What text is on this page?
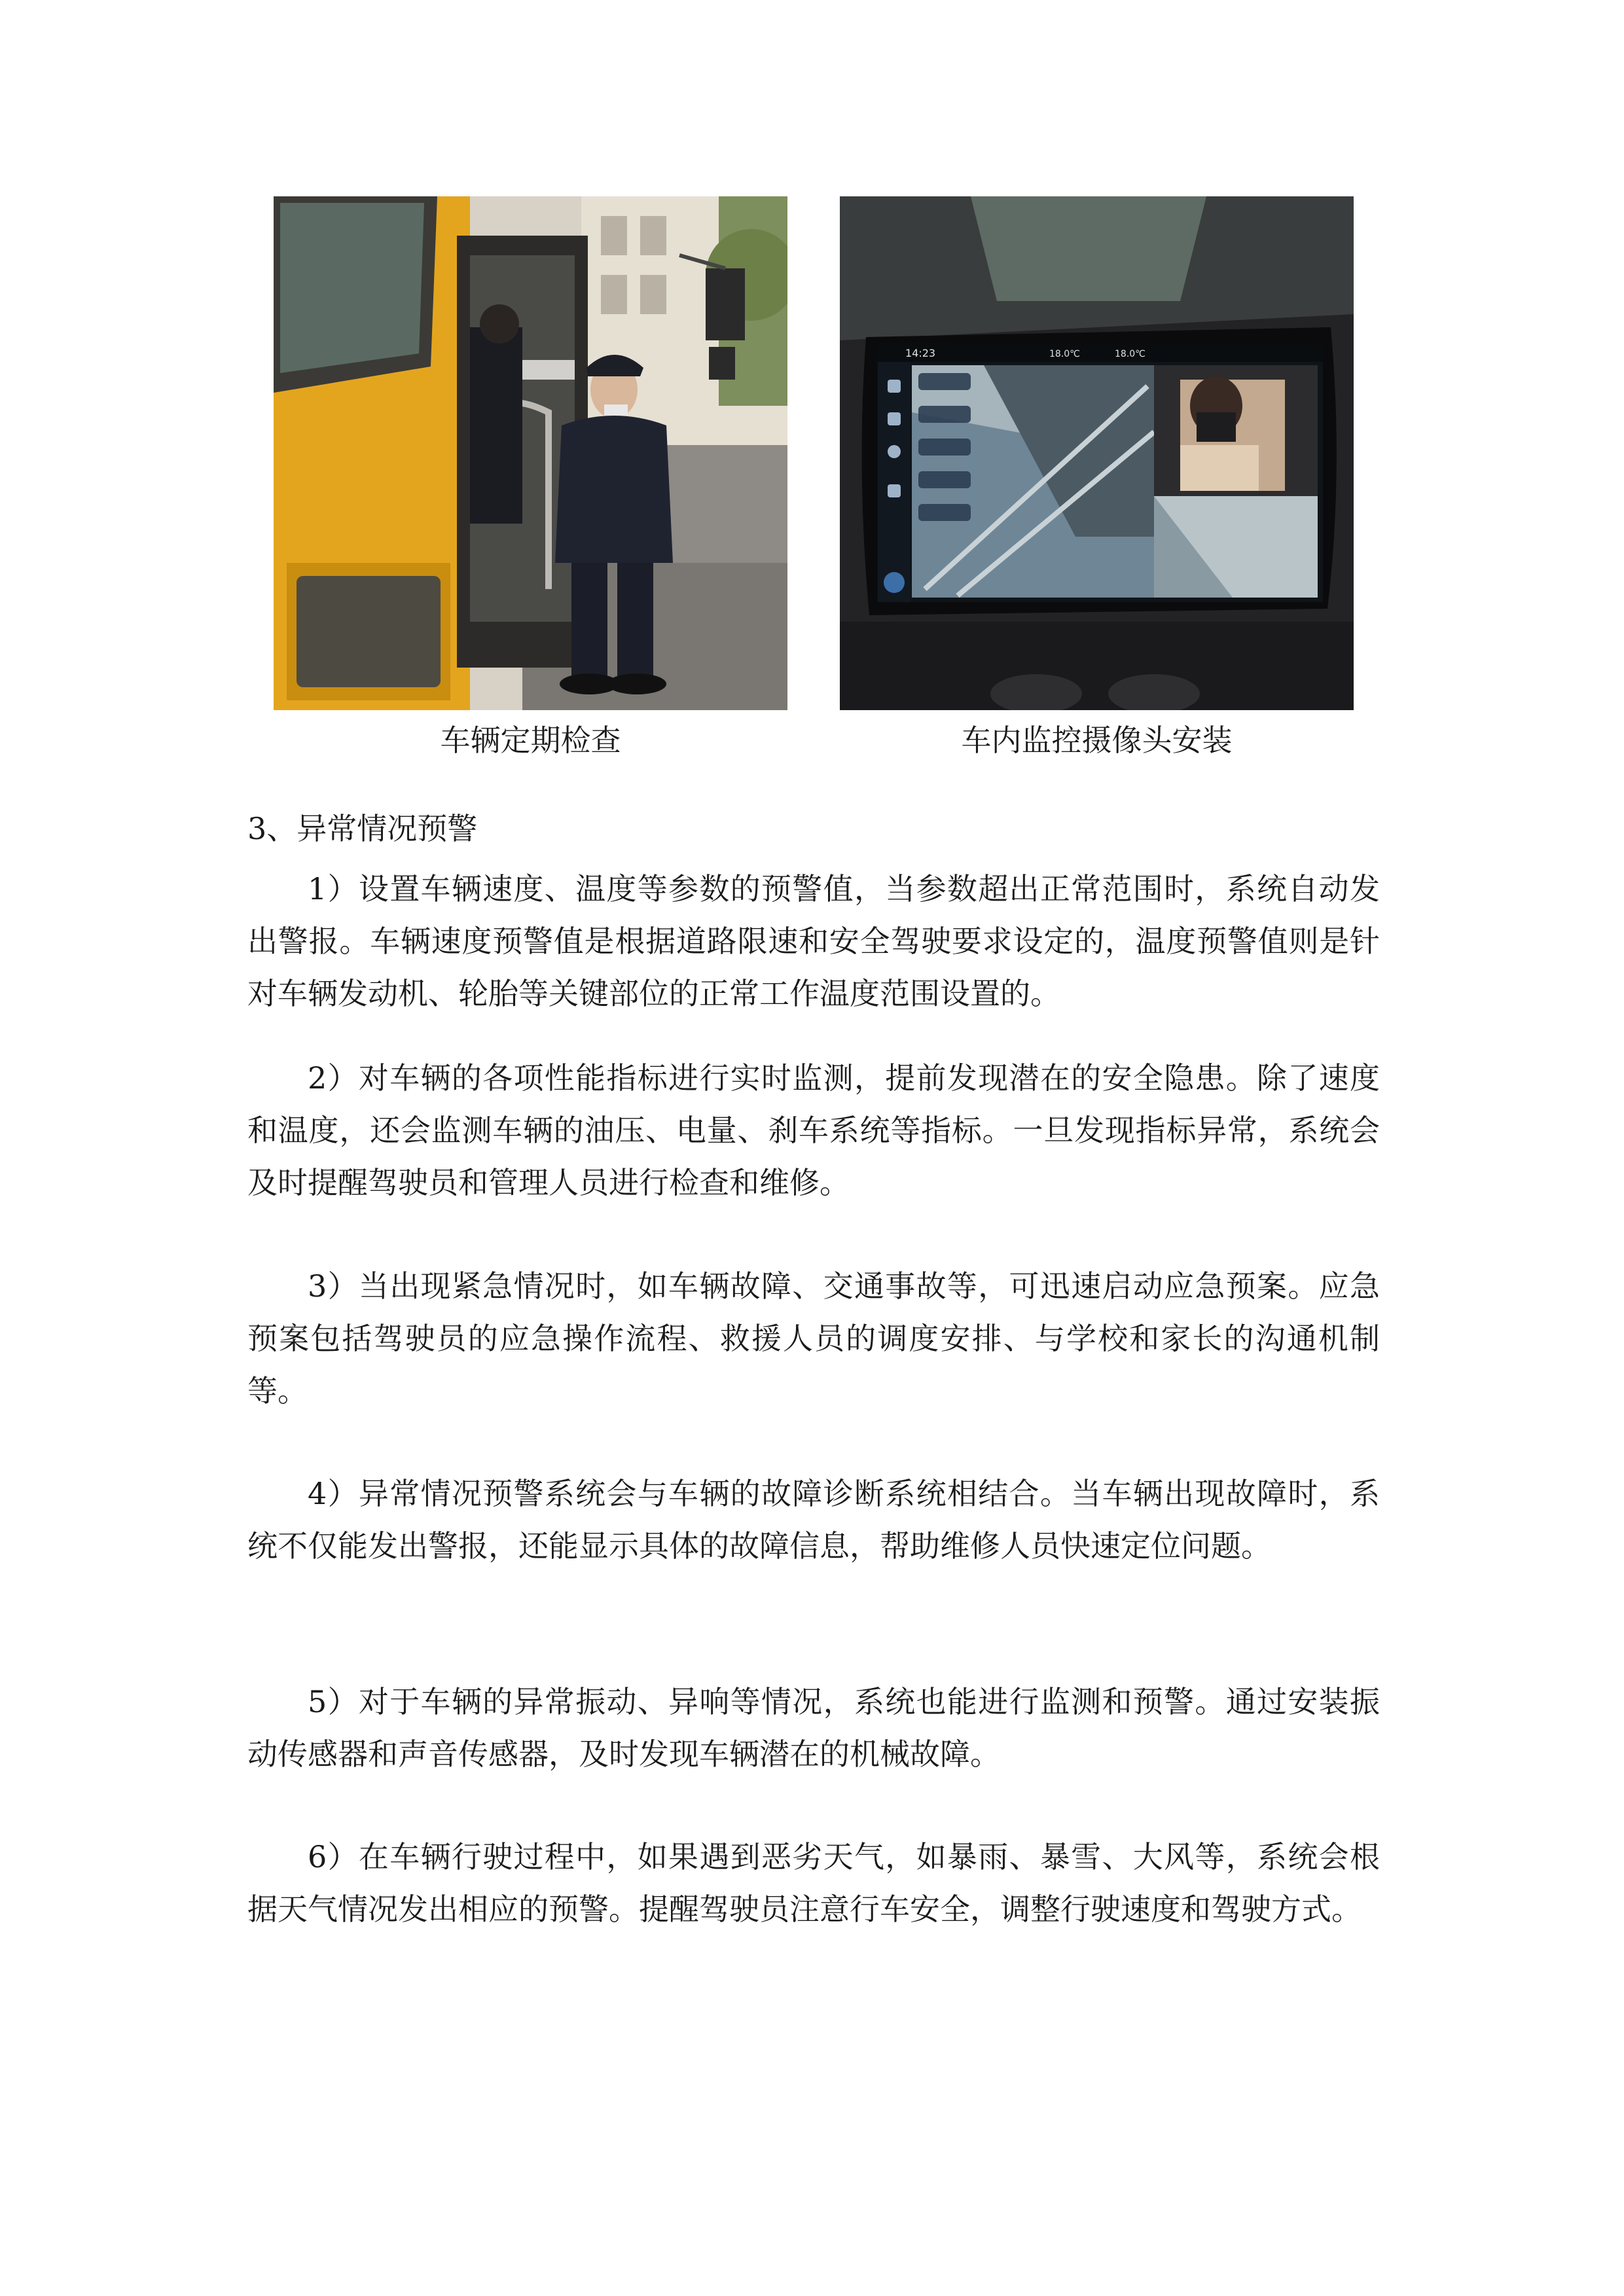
14:23	18.0℃	18.0℃
车辆定期检查	车内监控摄像头安装
3、异常情况预警

1）设置车辆速度、温度等参数的预警值，当参数超出正常范围时，系统自动发出警报。车辆速度预警值是根据道路限速和安全驾驶要求设定的，温度预警值则是针对车辆发动机、轮胎等关键部位的正常工作温度范围设置的。

2）对车辆的各项性能指标进行实时监测，提前发现潜在的安全隐患。除了速度和温度，还会监测车辆的油压、电量、刹车系统等指标。一旦发现指标异常，系统会及时提醒驾驶员和管理人员进行检查和维修。

3）当出现紧急情况时，如车辆故障、交通事故等，可迅速启动应急预案。应急预案包括驾驶员的应急操作流程、救援人员的调度安排、与学校和家长的沟通机制等。

4）异常情况预警系统会与车辆的故障诊断系统相结合。当车辆出现故障时，系统不仅能发出警报，还能显示具体的故障信息，帮助维修人员快速定位问题。

5）对于车辆的异常振动、异响等情况，系统也能进行监测和预警。通过安装振动传感器和声音传感器，及时发现车辆潜在的机械故障。

6）在车辆行驶过程中，如果遇到恶劣天气，如暴雨、暴雪、大风等，系统会根据天气情况发出相应的预警。提醒驾驶员注意行车安全，调整行驶速度和驾驶方式。
